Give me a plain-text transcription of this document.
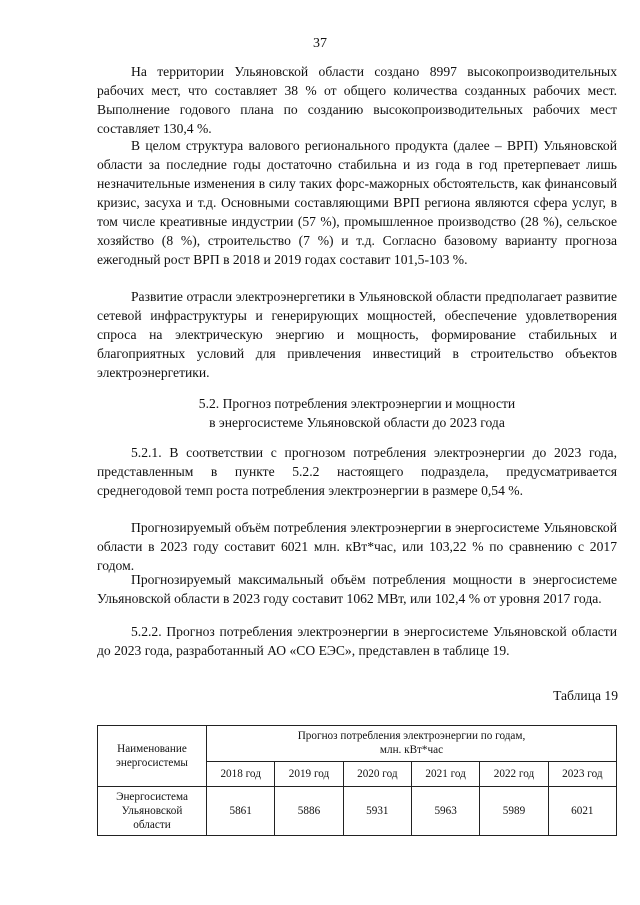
37

На территории Ульяновской области создано 8997 высокопроизводительных рабочих мест, что составляет 38 % от общего количества созданных рабочих мест. Выполнение годового плана по созданию высокопроизводительных рабочих мест составляет 130,4 %.

В целом структура валового регионального продукта (далее – ВРП) Ульяновской области за последние годы достаточно стабильна и из года в год претерпевает лишь незначительные изменения в силу таких форс-мажорных обстоятельств, как финансовый кризис, засуха и т.д. Основными составляющими ВРП региона являются сфера услуг, в том числе креативные индустрии (57 %), промышленное производство (28 %), сельское хозяйство (8 %), строительство (7 %) и т.д. Согласно базовому варианту прогноза ежегодный рост ВРП в 2018 и 2019 годах составит 101,5-103 %.

Развитие отрасли электроэнергетики в Ульяновской области предполагает развитие сетевой инфраструктуры и генерирующих мощностей, обеспечение удовлетворения спроса на электрическую энергию и мощность, формирование стабильных и благоприятных условий для привлечения инвестиций в строительство объектов электроэнергетики.

5.2. Прогноз потребления электроэнергии и мощности
в энергосистеме Ульяновской области до 2023 года

5.2.1. В соответствии с прогнозом потребления электроэнергии до 2023 года, представленным в пункте 5.2.2 настоящего подраздела, предусматривается среднегодовой темп роста потребления электроэнергии в размере 0,54 %.

Прогнозируемый объём потребления электроэнергии в энергосистеме Ульяновской области в 2023 году составит 6021 млн. кВт*час, или 103,22 % по сравнению с 2017 годом.

Прогнозируемый максимальный объём потребления мощности в энергосистеме Ульяновской области в 2023 году составит 1062 МВт, или 102,4 % от уровня 2017 года.

5.2.2. Прогноз потребления электроэнергии в энергосистеме Ульяновской области до 2023 года, разработанный АО «СО ЕЭС», представлен в таблице 19.

Таблица 19
Наименование энергосистемы	Прогноз потребления электроэнергии по годам,
млн. кВт*час					

	2018 год	2019 год	2020 год	2021 год	2022 год	2023 год

Энергосистема
Ульяновской
области	5861	5886	5931	5963	5989	6021
